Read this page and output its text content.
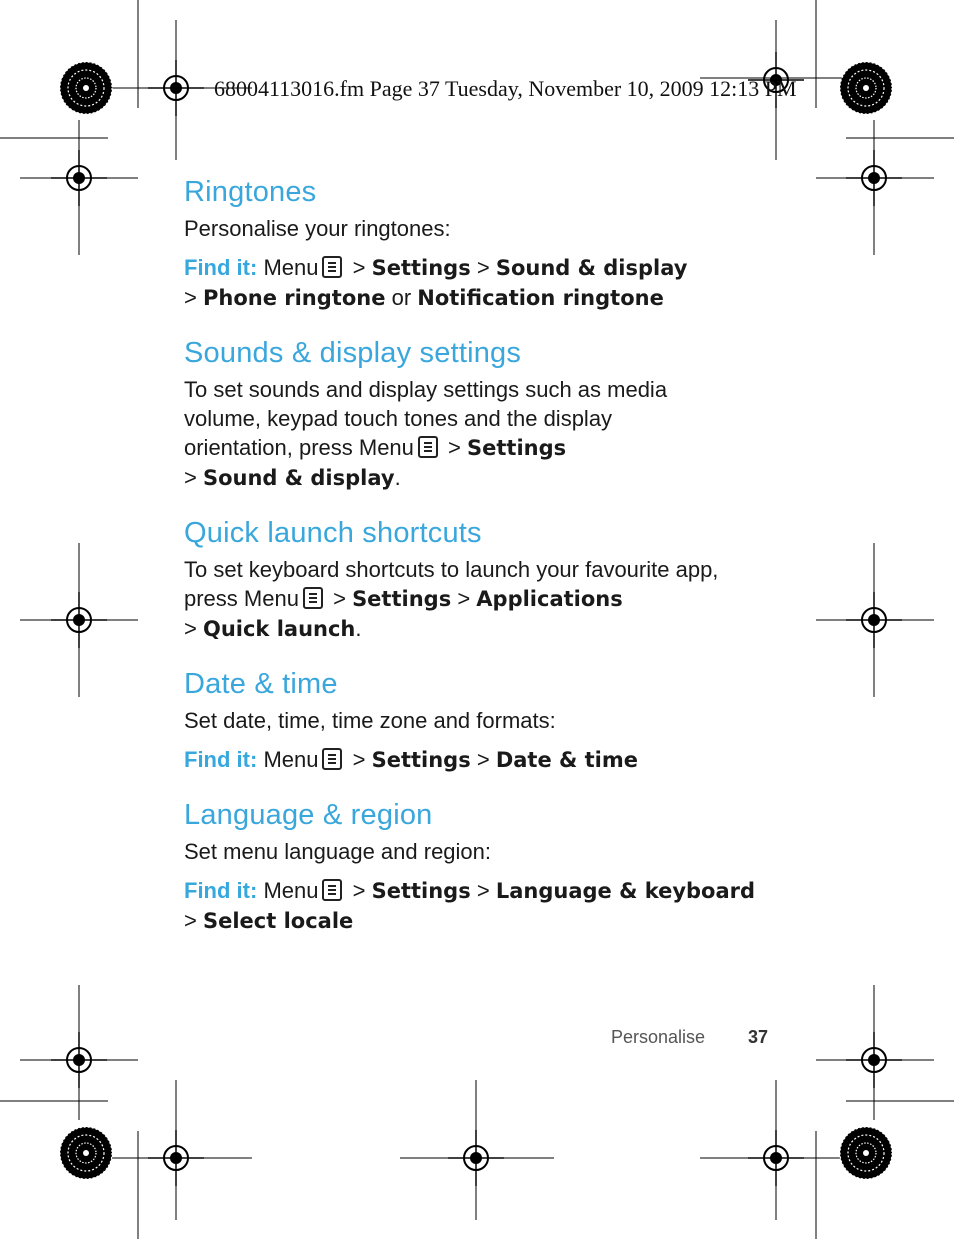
68004113016.fm Page 37 Tuesday, November 10, 2009 12:13 PM
Ringtones

Personalise your ringtones:

Find it: Menu > Settings > Sound & display
> Phone ringtone or Notification ringtone

Sounds & display settings

To set sounds and display settings such as media
volume, keypad touch tones and the display
orientation, press Menu > Settings
> Sound & display.

Quick launch shortcuts

To set keyboard shortcuts to launch your favourite app,
press Menu > Settings > Applications
> Quick launch.

Date & time

Set date, time, time zone and formats:

Find it: Menu > Settings > Date & time

Language & region

Set menu language and region:

Find it: Menu > Settings > Language & keyboard
> Select locale

Personalise 37
